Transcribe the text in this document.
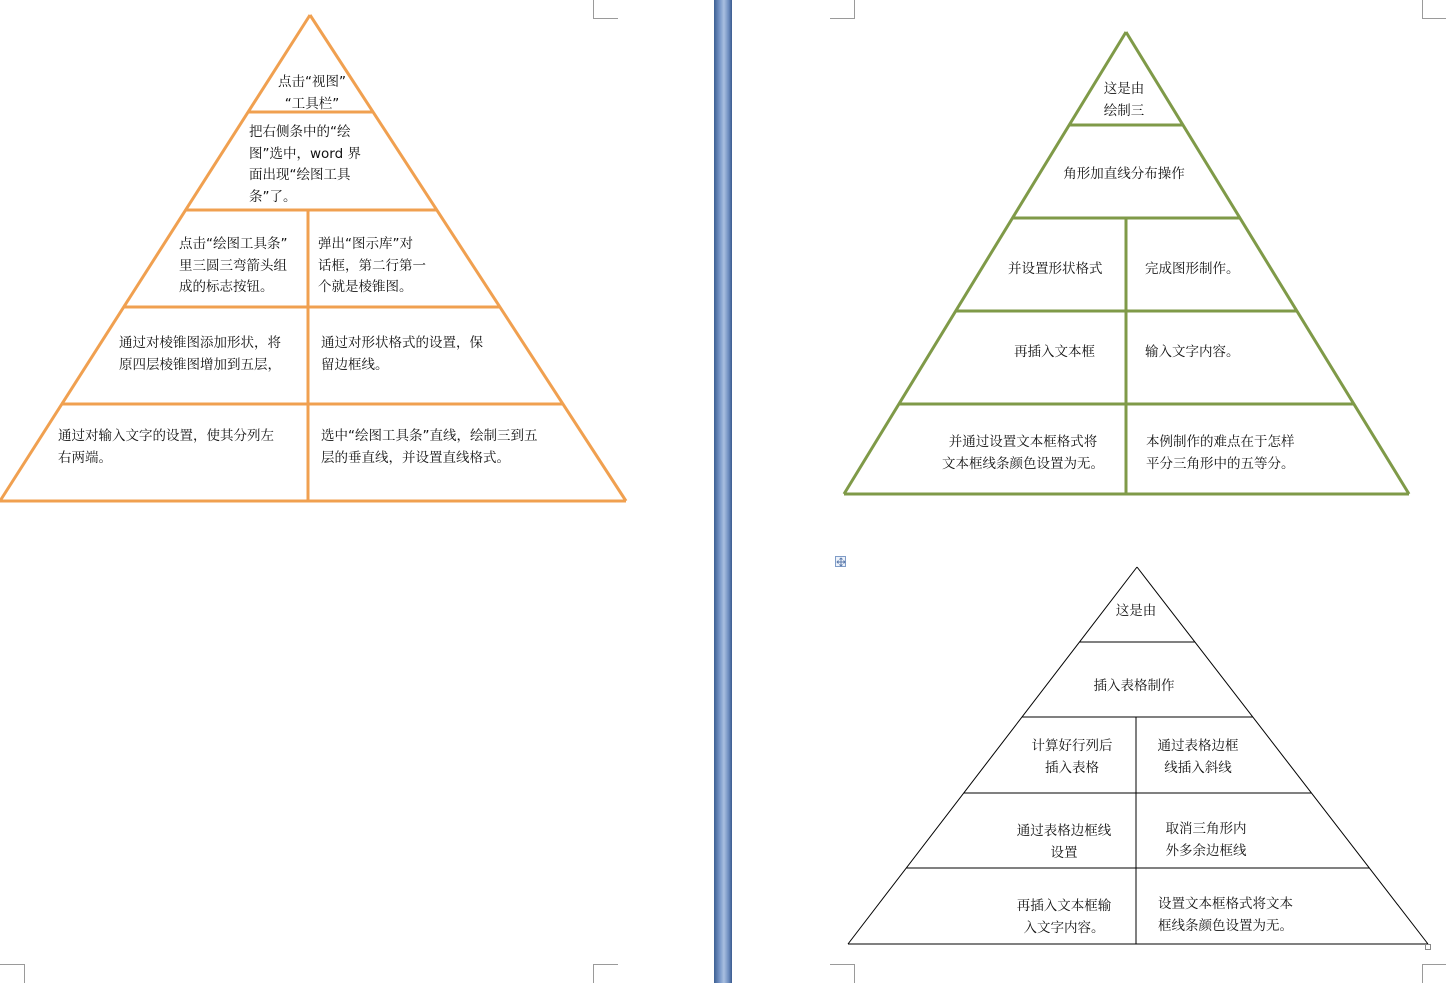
点击“视图”
“工具栏”
把右侧条中的“绘
图”选中，word 界
面出现“绘图工具
条”了。
点击“绘图工具条”
里三圆三弯箭头组
成的标志按钮。
弹出“图示库”对
话框，第二行第一
个就是棱锥图。
通过对棱锥图添加形状，将
原四层棱锥图增加到五层，
通过对形状格式的设置，保
留边框线。
通过对输入文字的设置，使其分列左
右两端。
选中“绘图工具条”直线，绘制三到五
层的垂直线，并设置直线格式。
这是由
绘制三
角形加直线分布操作
并设置形状格式	完成图形制作。
再插入文本框	输入文字内容。
并通过设置文本框格式将
文本框线条颜色设置为无。
本例制作的难点在于怎样
平分三角形中的五等分。
这是由
插入表格制作
计算好行列后
插入表格
通过表格边框
线插入斜线
通过表格边框线
设置
取消三角形内
外多余边框线
再插入文本框输
入文字内容。
设置文本框格式将文本
框线条颜色设置为无。
